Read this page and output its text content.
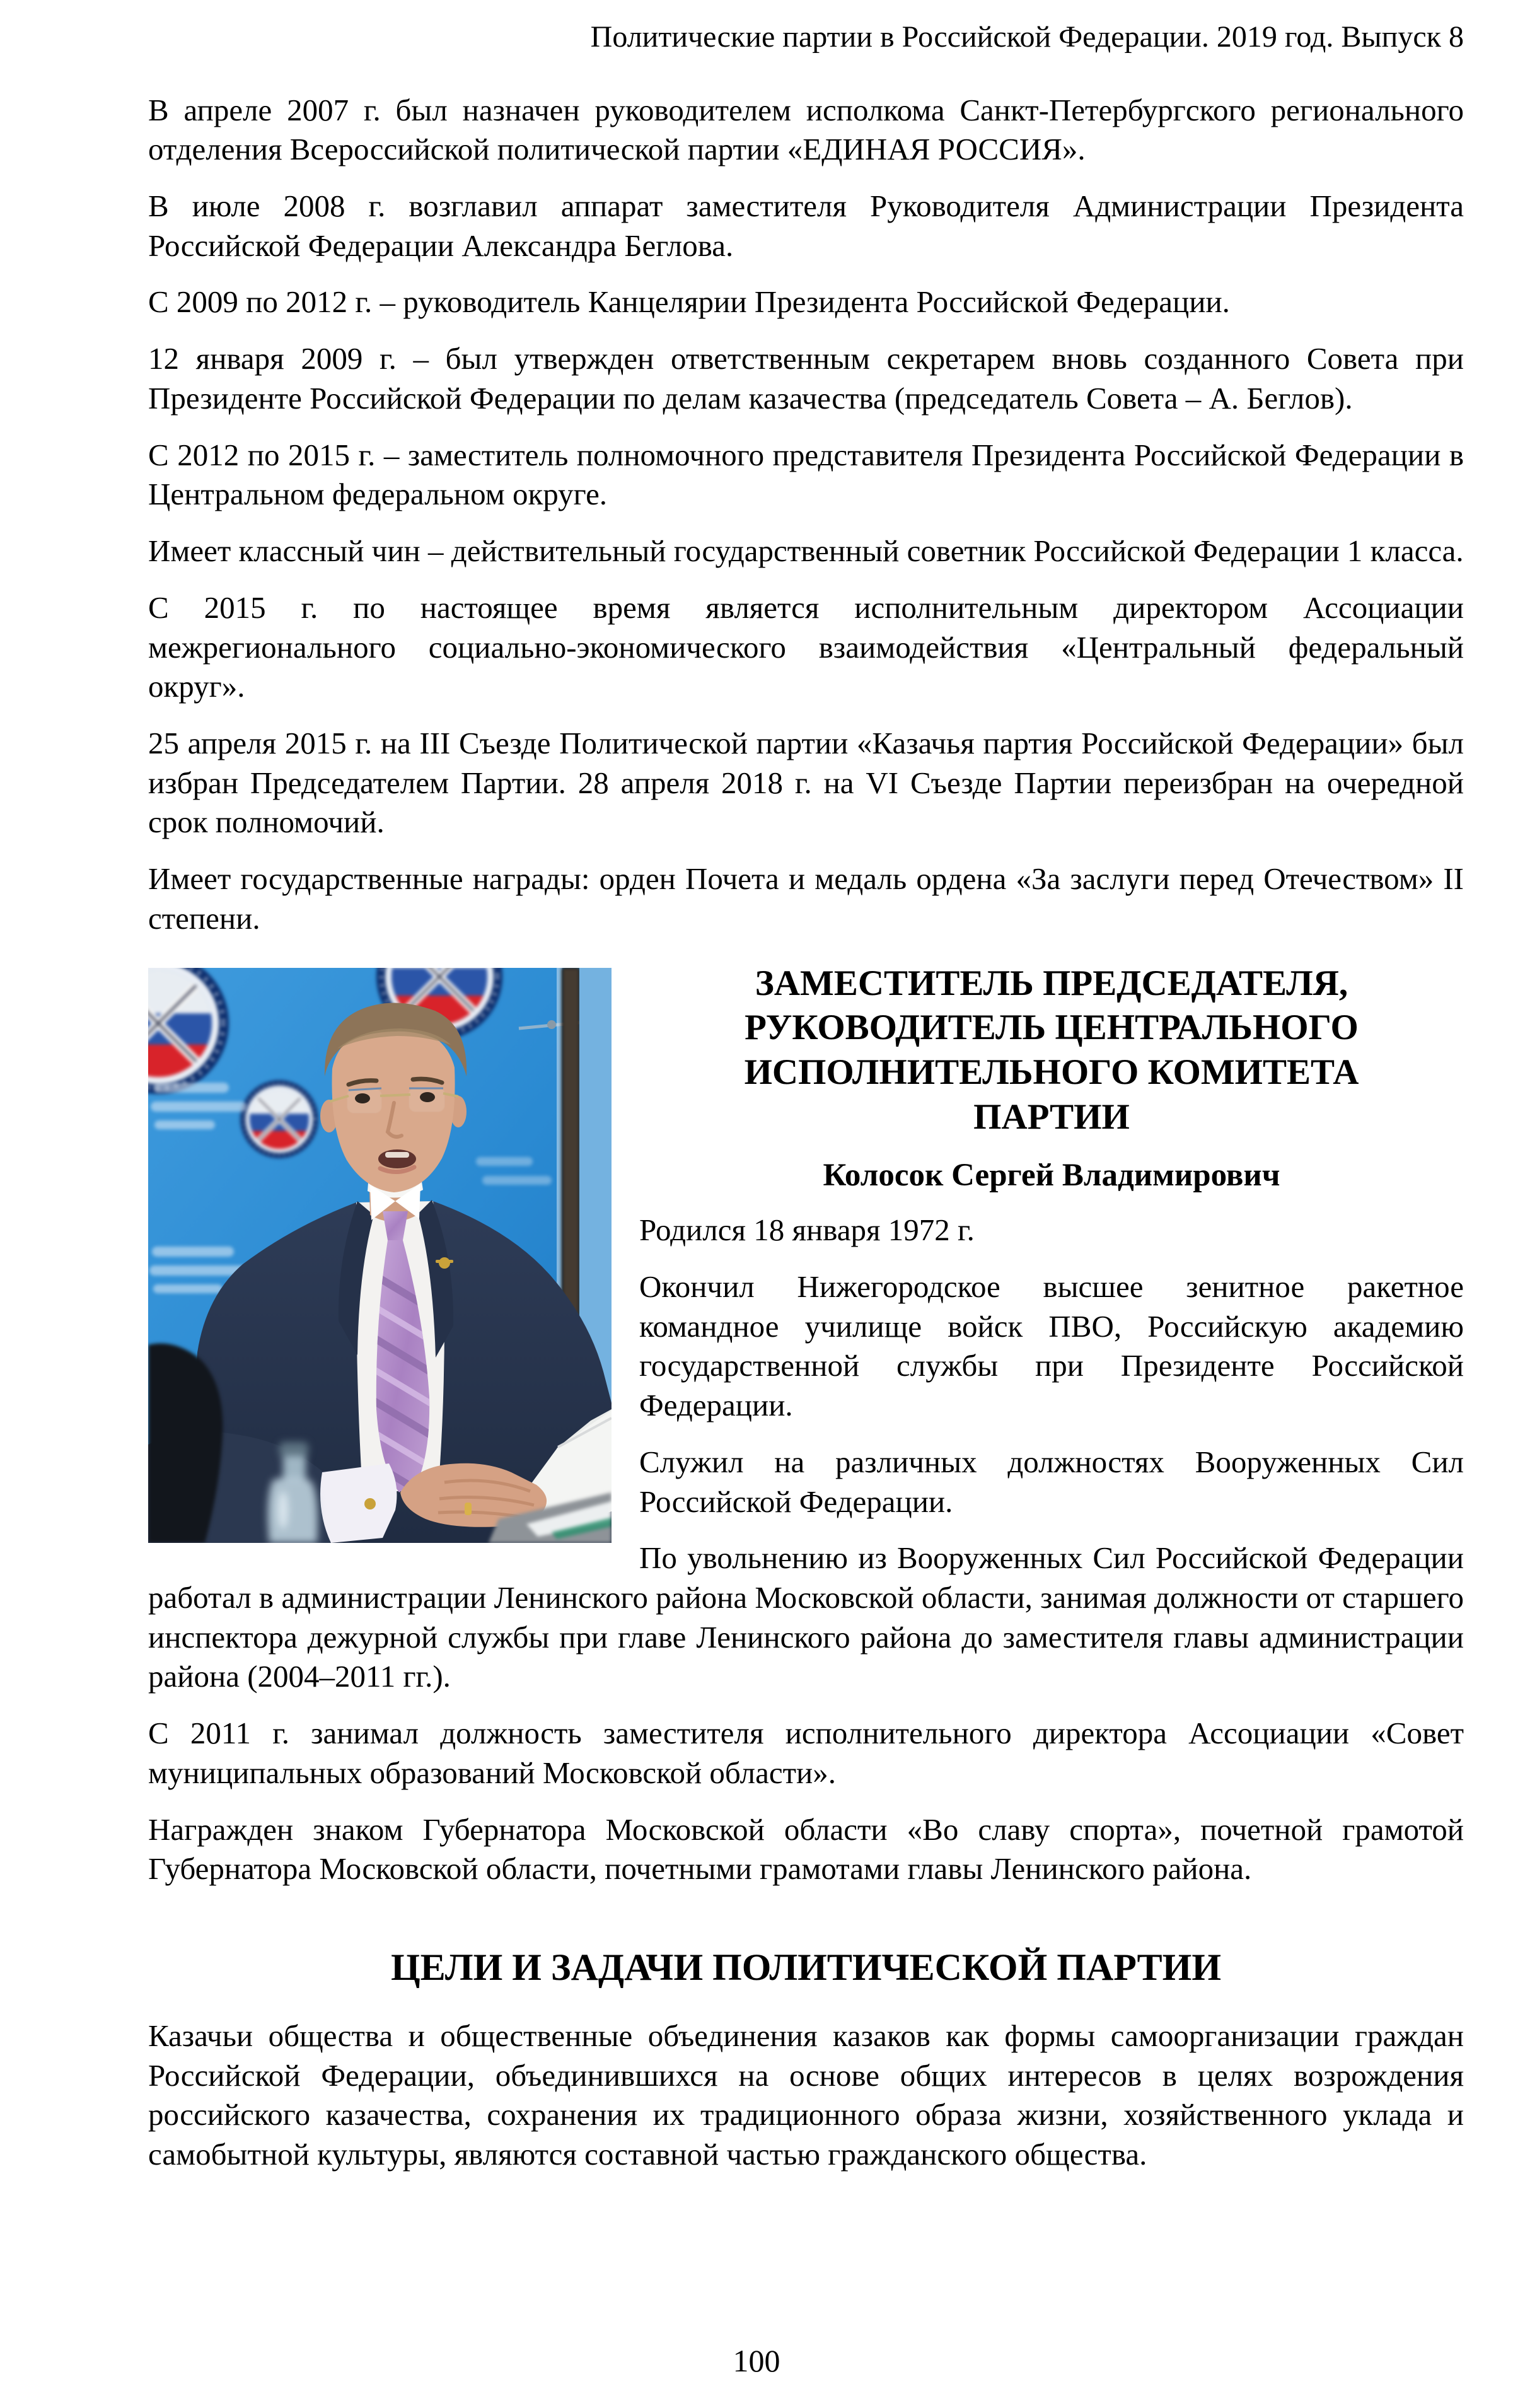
Политические партии в Российской Федерации. 2019 год. Выпуск 8

В апреле 2007 г. был назначен руководителем исполкома Санкт-Петербургского регионального отделения Всероссийской политической партии «ЕДИНАЯ РОССИЯ».

В июле 2008 г. возглавил аппарат заместителя Руководителя Администрации Президента Российской Федерации Александра Беглова.

С 2009 по 2012 г. – руководитель Канцелярии Президента Российской Федерации.

12 января 2009 г. – был утвержден ответственным секретарем вновь созданного Совета при Президенте Российской Федерации по делам казачества (председатель Совета – А. Беглов).

С 2012 по 2015 г. – заместитель полномочного представителя Президента Российской Федерации в Центральном федеральном округе.

Имеет классный чин – действительный государственный советник Российской Федерации 1 класса.

С 2015 г. по настоящее время является исполнительным директором Ассоциации межрегионального социально-экономического взаимодействия «Центральный федеральный округ».

25 апреля 2015 г. на III Съезде Политической партии «Казачья партия Российской Федерации» был избран Председателем Партии. 28 апреля 2018 г. на VI Съезде Партии переизбран на очередной срок полномочий.

Имеет государственные награды: орден Почета и медаль ордена «За заслуги перед Отечеством» II степени.

ЗАМЕСТИТЕЛЬ ПРЕДСЕДАТЕЛЯ,
РУКОВОДИТЕЛЬ ЦЕНТРАЛЬНОГО
ИСПОЛНИТЕЛЬНОГО КОМИТЕТА
ПАРТИИ
Колосок Сергей Владимирович

Родился 18 января 1972 г.

Окончил Нижегородское высшее зенитное ракетное командное училище войск ПВО, Российскую академию государственной службы при Президенте Российской Федерации.

Служил на различных должностях Вооруженных Сил Российской Федерации.

По увольнению из Вооруженных Сил Российской Федерации работал в администрации Ленинского района Московской области, занимая должности от старшего инспектора дежурной службы при главе Ленинского района до заместителя главы администрации района (2004–2011 гг.).

С 2011 г. занимал должность заместителя исполнительного директора Ассоциации «Совет муниципальных образований Московской области».

Награжден знаком Губернатора Московской области «Во славу спорта», почетной грамотой Губернатора Московской области, почетными грамотами главы Ленинского района.

ЦЕЛИ И ЗАДАЧИ ПОЛИТИЧЕСКОЙ ПАРТИИ

Казачьи общества и общественные объединения казаков как формы самоорганизации граждан Российской Федерации, объединившихся на основе общих интересов в целях возрождения российского казачества, сохранения их традиционного образа жизни, хозяйственного уклада и самобытной культуры, являются составной частью гражданского общества.

100
